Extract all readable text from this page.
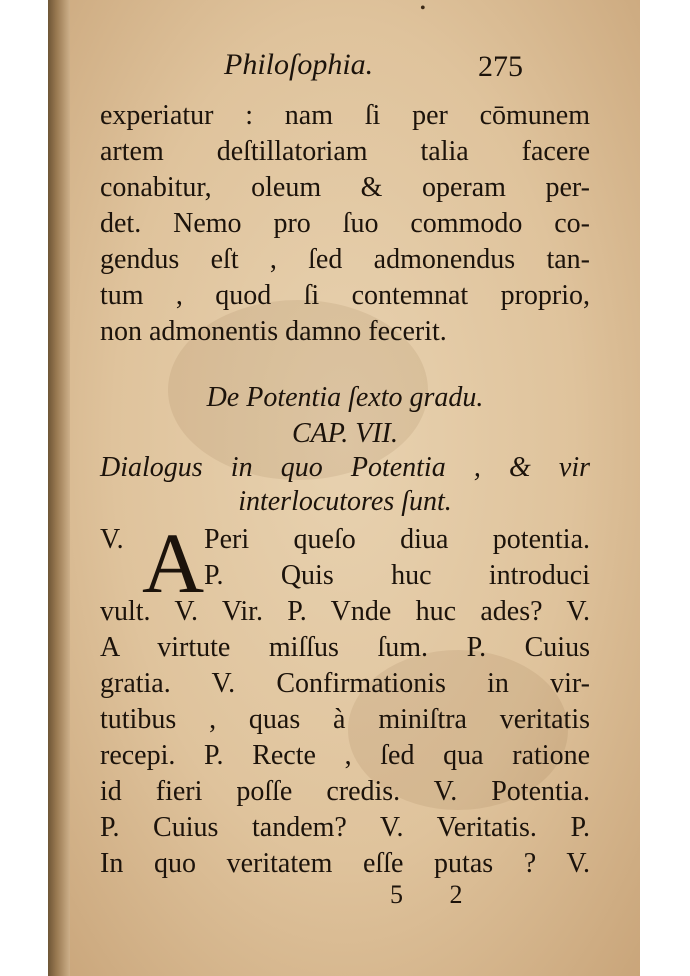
•
Philoſophia.	275
experiatur : nam ſi per cōmunem
artem deſtillatoriam talia facere
conabitur, oleum & operam per-
det. Nemo pro ſuo commodo co-
gendus eſt , ſed admonendus tan-
tum , quod ſi contemnat proprio,
non admonentis damno fecerit.
De Potentia ſexto gradu.
CAP. VII.
Dialogus in quo Potentia , & vir
interlocutores ſunt.
V. A Peri queſo diua potentia.
P. Quis huc introduci
vult. V. Vir. P. Vnde huc ades? V.
A virtute miſſus ſum. P. Cuius
gratia. V. Confirmationis in vir-
tutibus , quas à miniſtra veritatis
recepi. P. Recte , ſed qua ratione
id fieri poſſe credis. V. Potentia.
P. Cuius tandem? V. Veritatis. P.
In quo veritatem eſſe putas ? V.
5 2
